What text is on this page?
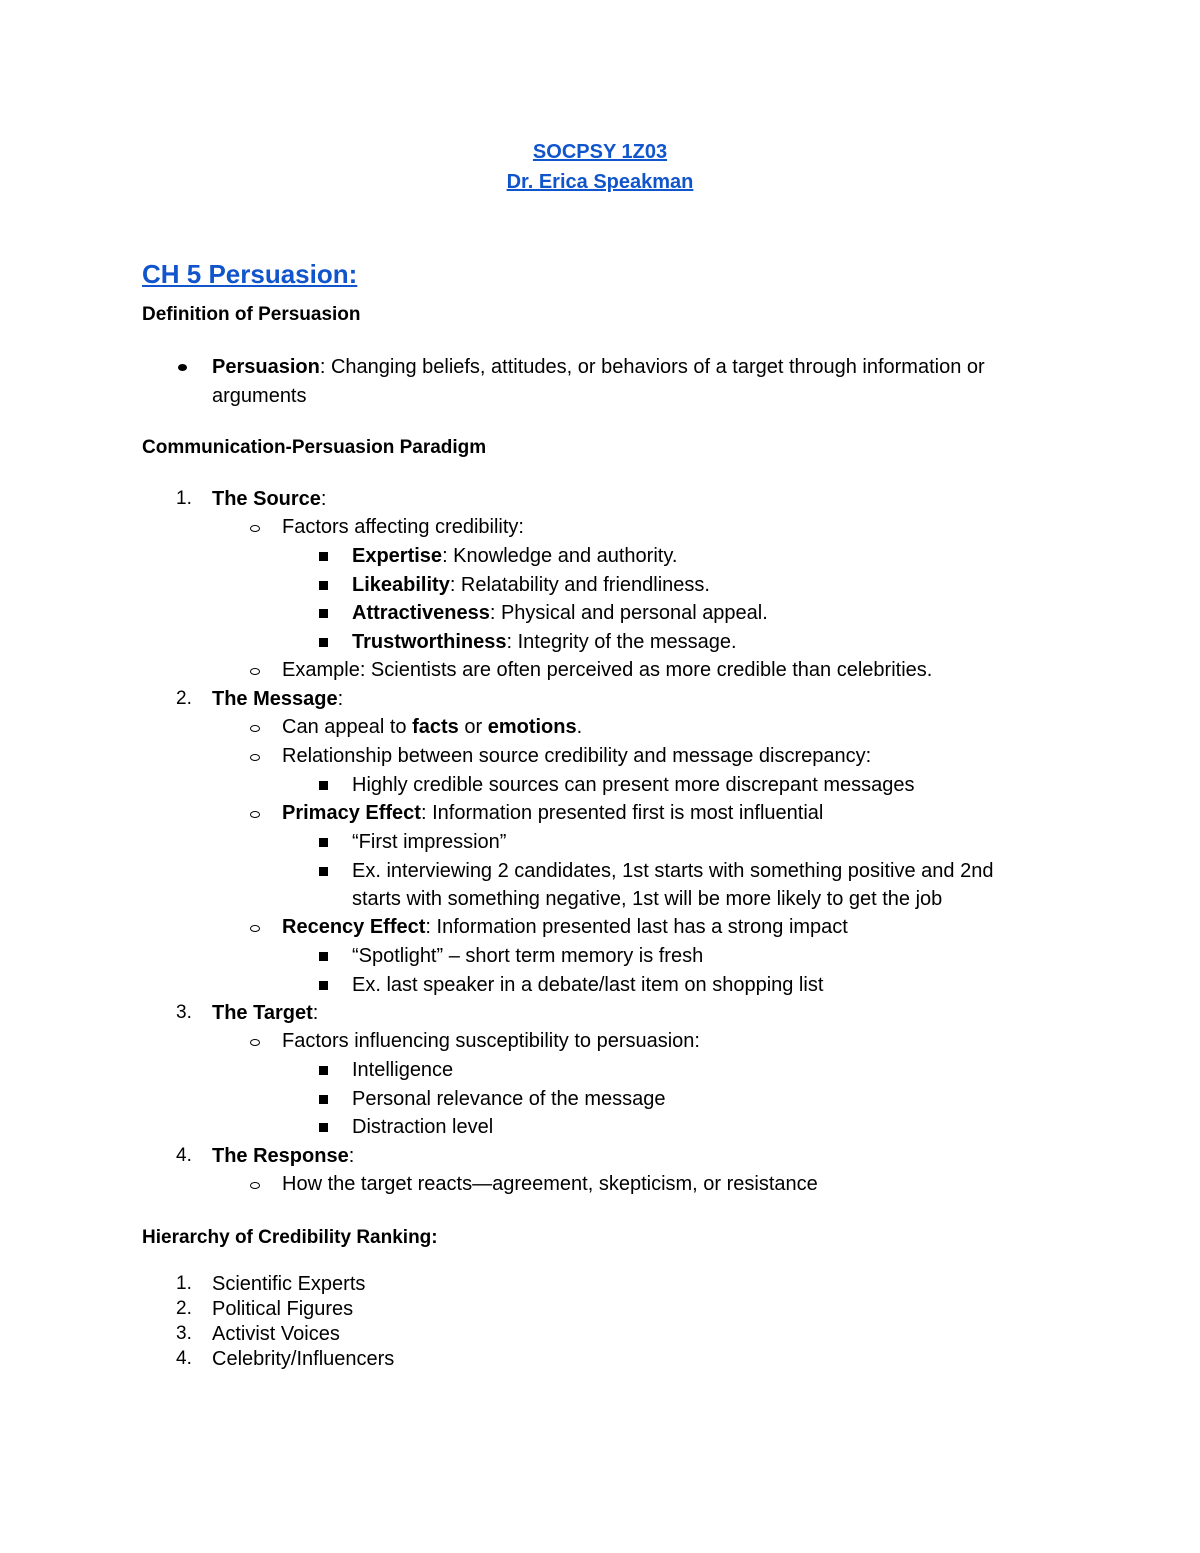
SOCPSY 1Z03
Dr. Erica Speakman
CH 5 Persuasion:
Definition of Persuasion
Persuasion: Changing beliefs, attitudes, or behaviors of a target through information or
arguments
Communication-Persuasion Paradigm
1. The Source:
Factors affecting credibility:
Expertise: Knowledge and authority.
Likeability: Relatability and friendliness.
Attractiveness: Physical and personal appeal.
Trustworthiness: Integrity of the message.
Example: Scientists are often perceived as more credible than celebrities.
2. The Message:
Can appeal to facts or emotions.
Relationship between source credibility and message discrepancy:
Highly credible sources can present more discrepant messages
Primacy Effect: Information presented first is most influential
“First impression”
Ex. interviewing 2 candidates, 1st starts with something positive and 2nd
starts with something negative, 1st will be more likely to get the job
Recency Effect: Information presented last has a strong impact
“Spotlight” – short term memory is fresh
Ex. last speaker in a debate/last item on shopping list
3. The Target:
Factors influencing susceptibility to persuasion:
Intelligence
Personal relevance of the message
Distraction level
4. The Response:
How the target reacts—agreement, skepticism, or resistance
Hierarchy of Credibility Ranking:
1. Scientific Experts
2. Political Figures
3. Activist Voices
4. Celebrity/Influencers
